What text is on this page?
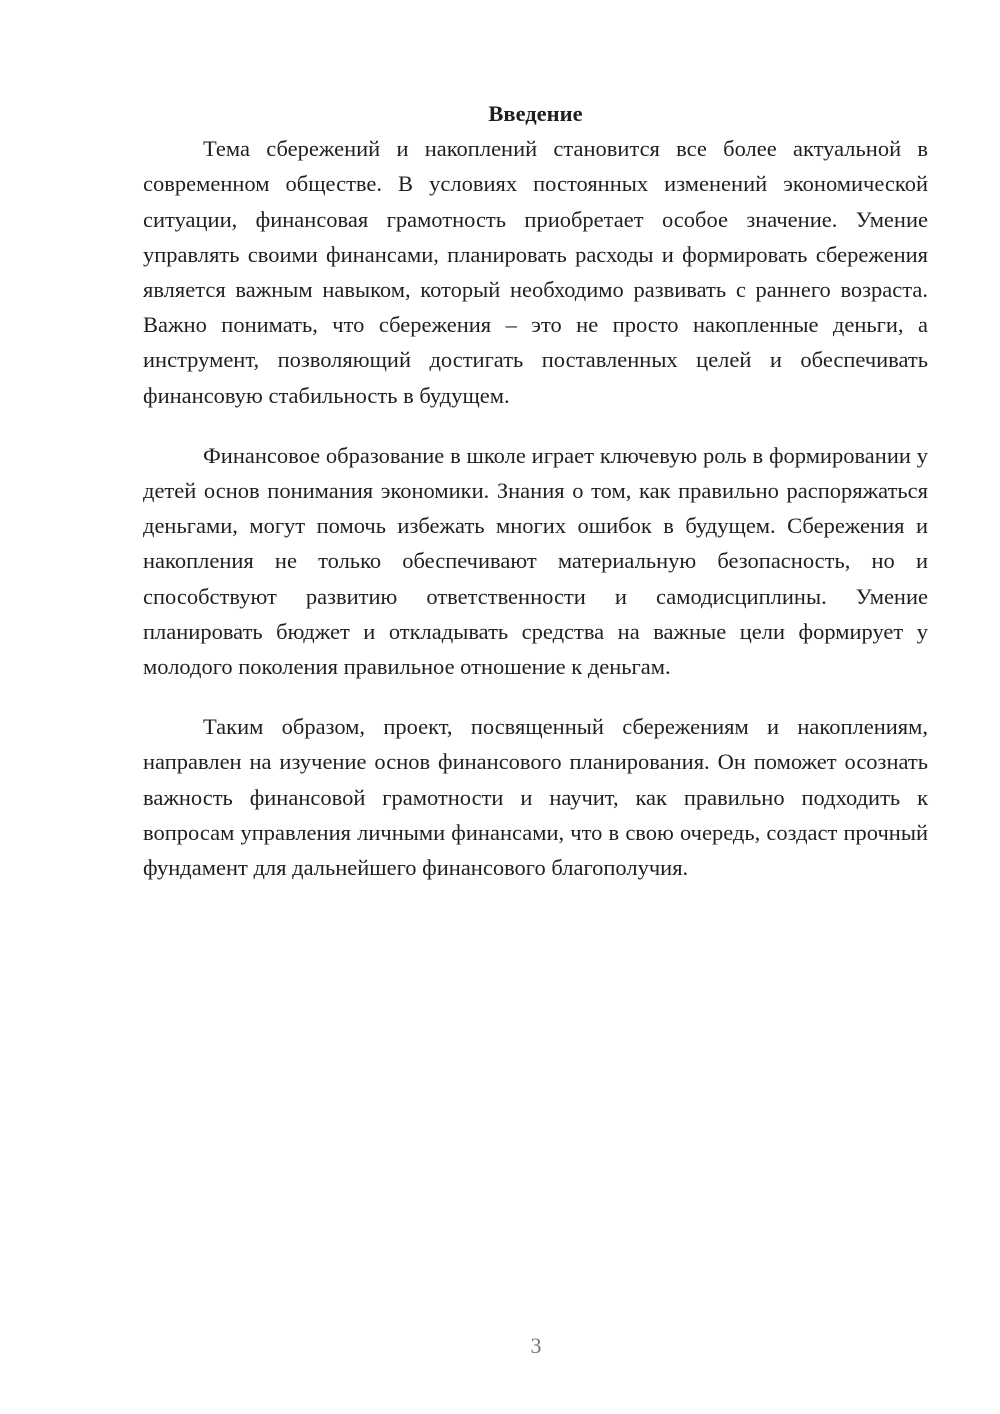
Введение

Тема сбережений и накоплений становится все более актуальной в современном обществе. В условиях постоянных изменений экономической ситуации, финансовая грамотность приобретает особое значение. Умение управлять своими финансами, планировать расходы и формировать сбережения является важным навыком, который необходимо развивать с раннего возраста. Важно понимать, что сбережения – это не просто накопленные деньги, а инструмент, позволяющий достигать поставленных целей и обеспечивать финансовую стабильность в будущем.

Финансовое образование в школе играет ключевую роль в формировании у детей основ понимания экономики. Знания о том, как правильно распоряжаться деньгами, могут помочь избежать многих ошибок в будущем. Сбережения и накопления не только обеспечивают материальную безопасность, но и способствуют развитию ответственности и самодисциплины. Умение планировать бюджет и откладывать средства на важные цели формирует у молодого поколения правильное отношение к деньгам.

Таким образом, проект, посвященный сбережениям и накоплениям, направлен на изучение основ финансового планирования. Он поможет осознать важность финансовой грамотности и научит, как правильно подходить к вопросам управления личными финансами, что в свою очередь, создаст прочный фундамент для дальнейшего финансового благополучия.

3
